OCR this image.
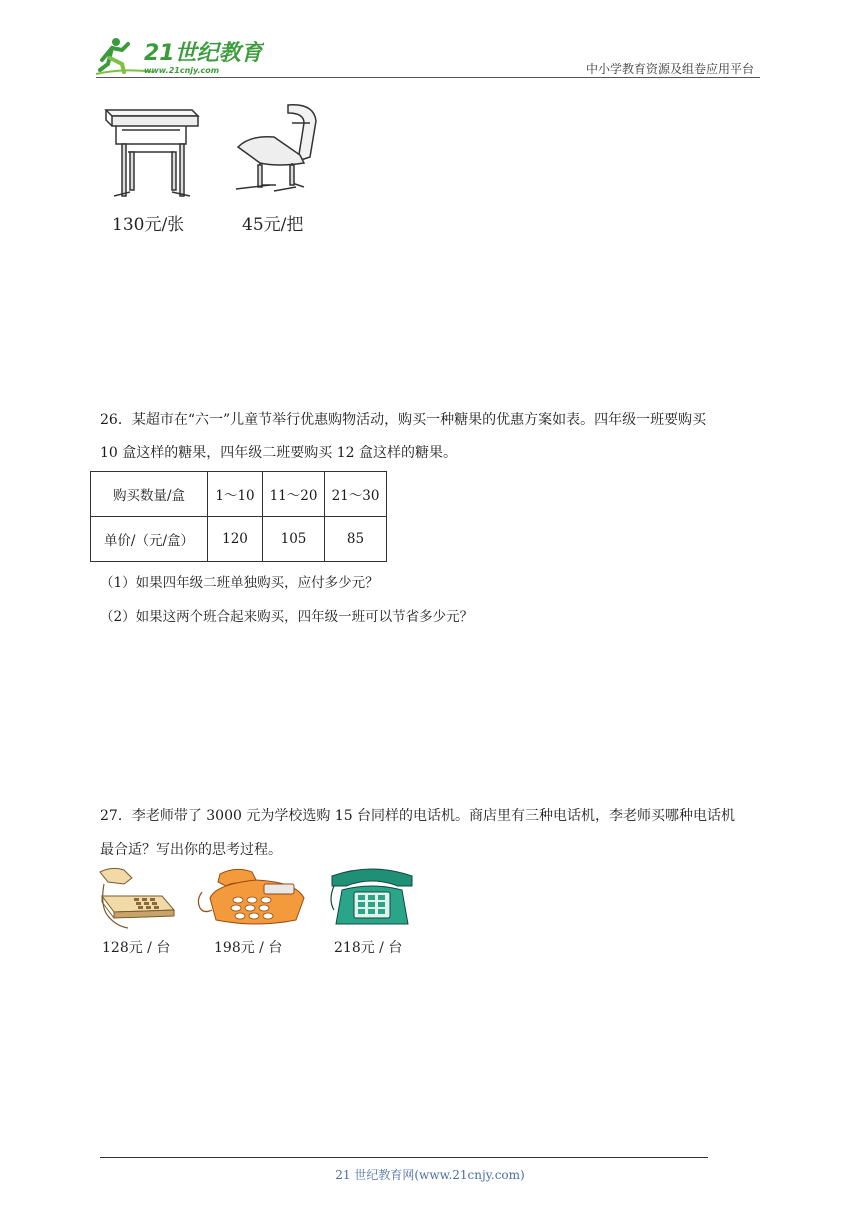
21世纪教育
www.21cnjy.com	中小学教育资源及组卷应用平台
130元/张	45元/把
26．某超市在“六一”儿童节举行优惠购物活动，购买一种糖果的优惠方案如表。四年级一班要购买
10 盒这样的糖果，四年级二班要购买 12 盒这样的糖果。
购买数量/盒	1～10	11～20	21～30
单价/（元/盒）	120	105	85
（1）如果四年级二班单独购买，应付多少元？
（2）如果这两个班合起来购买，四年级一班可以节省多少元？
27．李老师带了 3000 元为学校选购 15 台同样的电话机。商店里有三种电话机，李老师买哪种电话机
最合适？写出你的思考过程。
128元 / 台	198元 / 台	218元 / 台
21 世纪教育网(www.21cnjy.com)
